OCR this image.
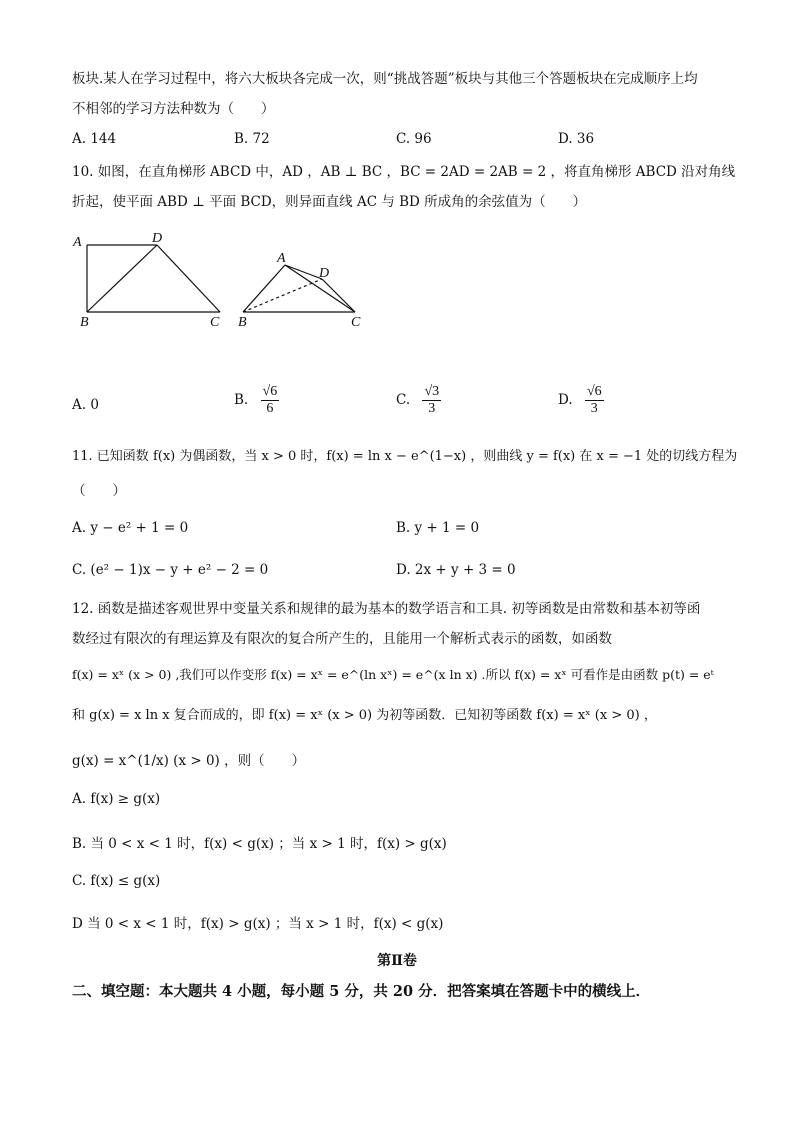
板块.某人在学习过程中，将六大板块各完成一次，则“挑战答题”板块与其他三个答题板块在完成顺序上均
不相邻的学习方法种数为（　　）
A. 144	B. 72	C. 96	D. 36
10. 如图，在直角梯形 ABCD 中，AD ，AB ⊥ BC ，BC = 2AD = 2AB = 2 ，将直角梯形 ABCD 沿对角线
折起，使平面 ABD ⊥ 平面 BCD，则异面直线 AC 与 BD 所成角的余弦值为（　　）
A	D
B	C
A
D
B	C
A. 0	B. $\frac{√6}{6}$	C. $\frac{√3}{3}$	D. $\frac{√6}{3}$
11. 已知函数 f(x) 为偶函数，当 x > 0 时，f(x) = ln x − e^(1−x) ，则曲线 y = f(x) 在 x = −1 处的切线方程为
（　　）
A. y − e² + 1 = 0	B. y + 1 = 0
C. (e² − 1)x − y + e² − 2 = 0	D. 2x + y + 3 = 0
12. 函数是描述客观世界中变量关系和规律的最为基本的数学语言和工具. 初等函数是由常数和基本初等函
数经过有限次的有理运算及有限次的复合所产生的，且能用一个解析式表示的函数，如函数
f(x) = xˣ (x > 0) ,我们可以作变形 f(x) = xˣ = e^(ln xˣ) = e^(x ln x) .所以 f(x) = xˣ 可看作是由函数 p(t) = eᵗ
和 g(x) = x ln x 复合而成的，即 f(x) = xˣ (x > 0) 为初等函数．已知初等函数 f(x) = xˣ (x > 0) ，
g(x) = x^(1/x) (x > 0) ，则（　　）
A. f(x) ≥ g(x)
B. 当 0 < x < 1 时，f(x) < g(x) ；当 x > 1 时，f(x) > g(x)
C. f(x) ≤ g(x)
D 当 0 < x < 1 时，f(x) > g(x) ；当 x > 1 时，f(x) < g(x)
第Ⅱ卷
二、填空题：本大题共 4 小题，每小题 5 分，共 20 分．把答案填在答题卡中的横线上．
